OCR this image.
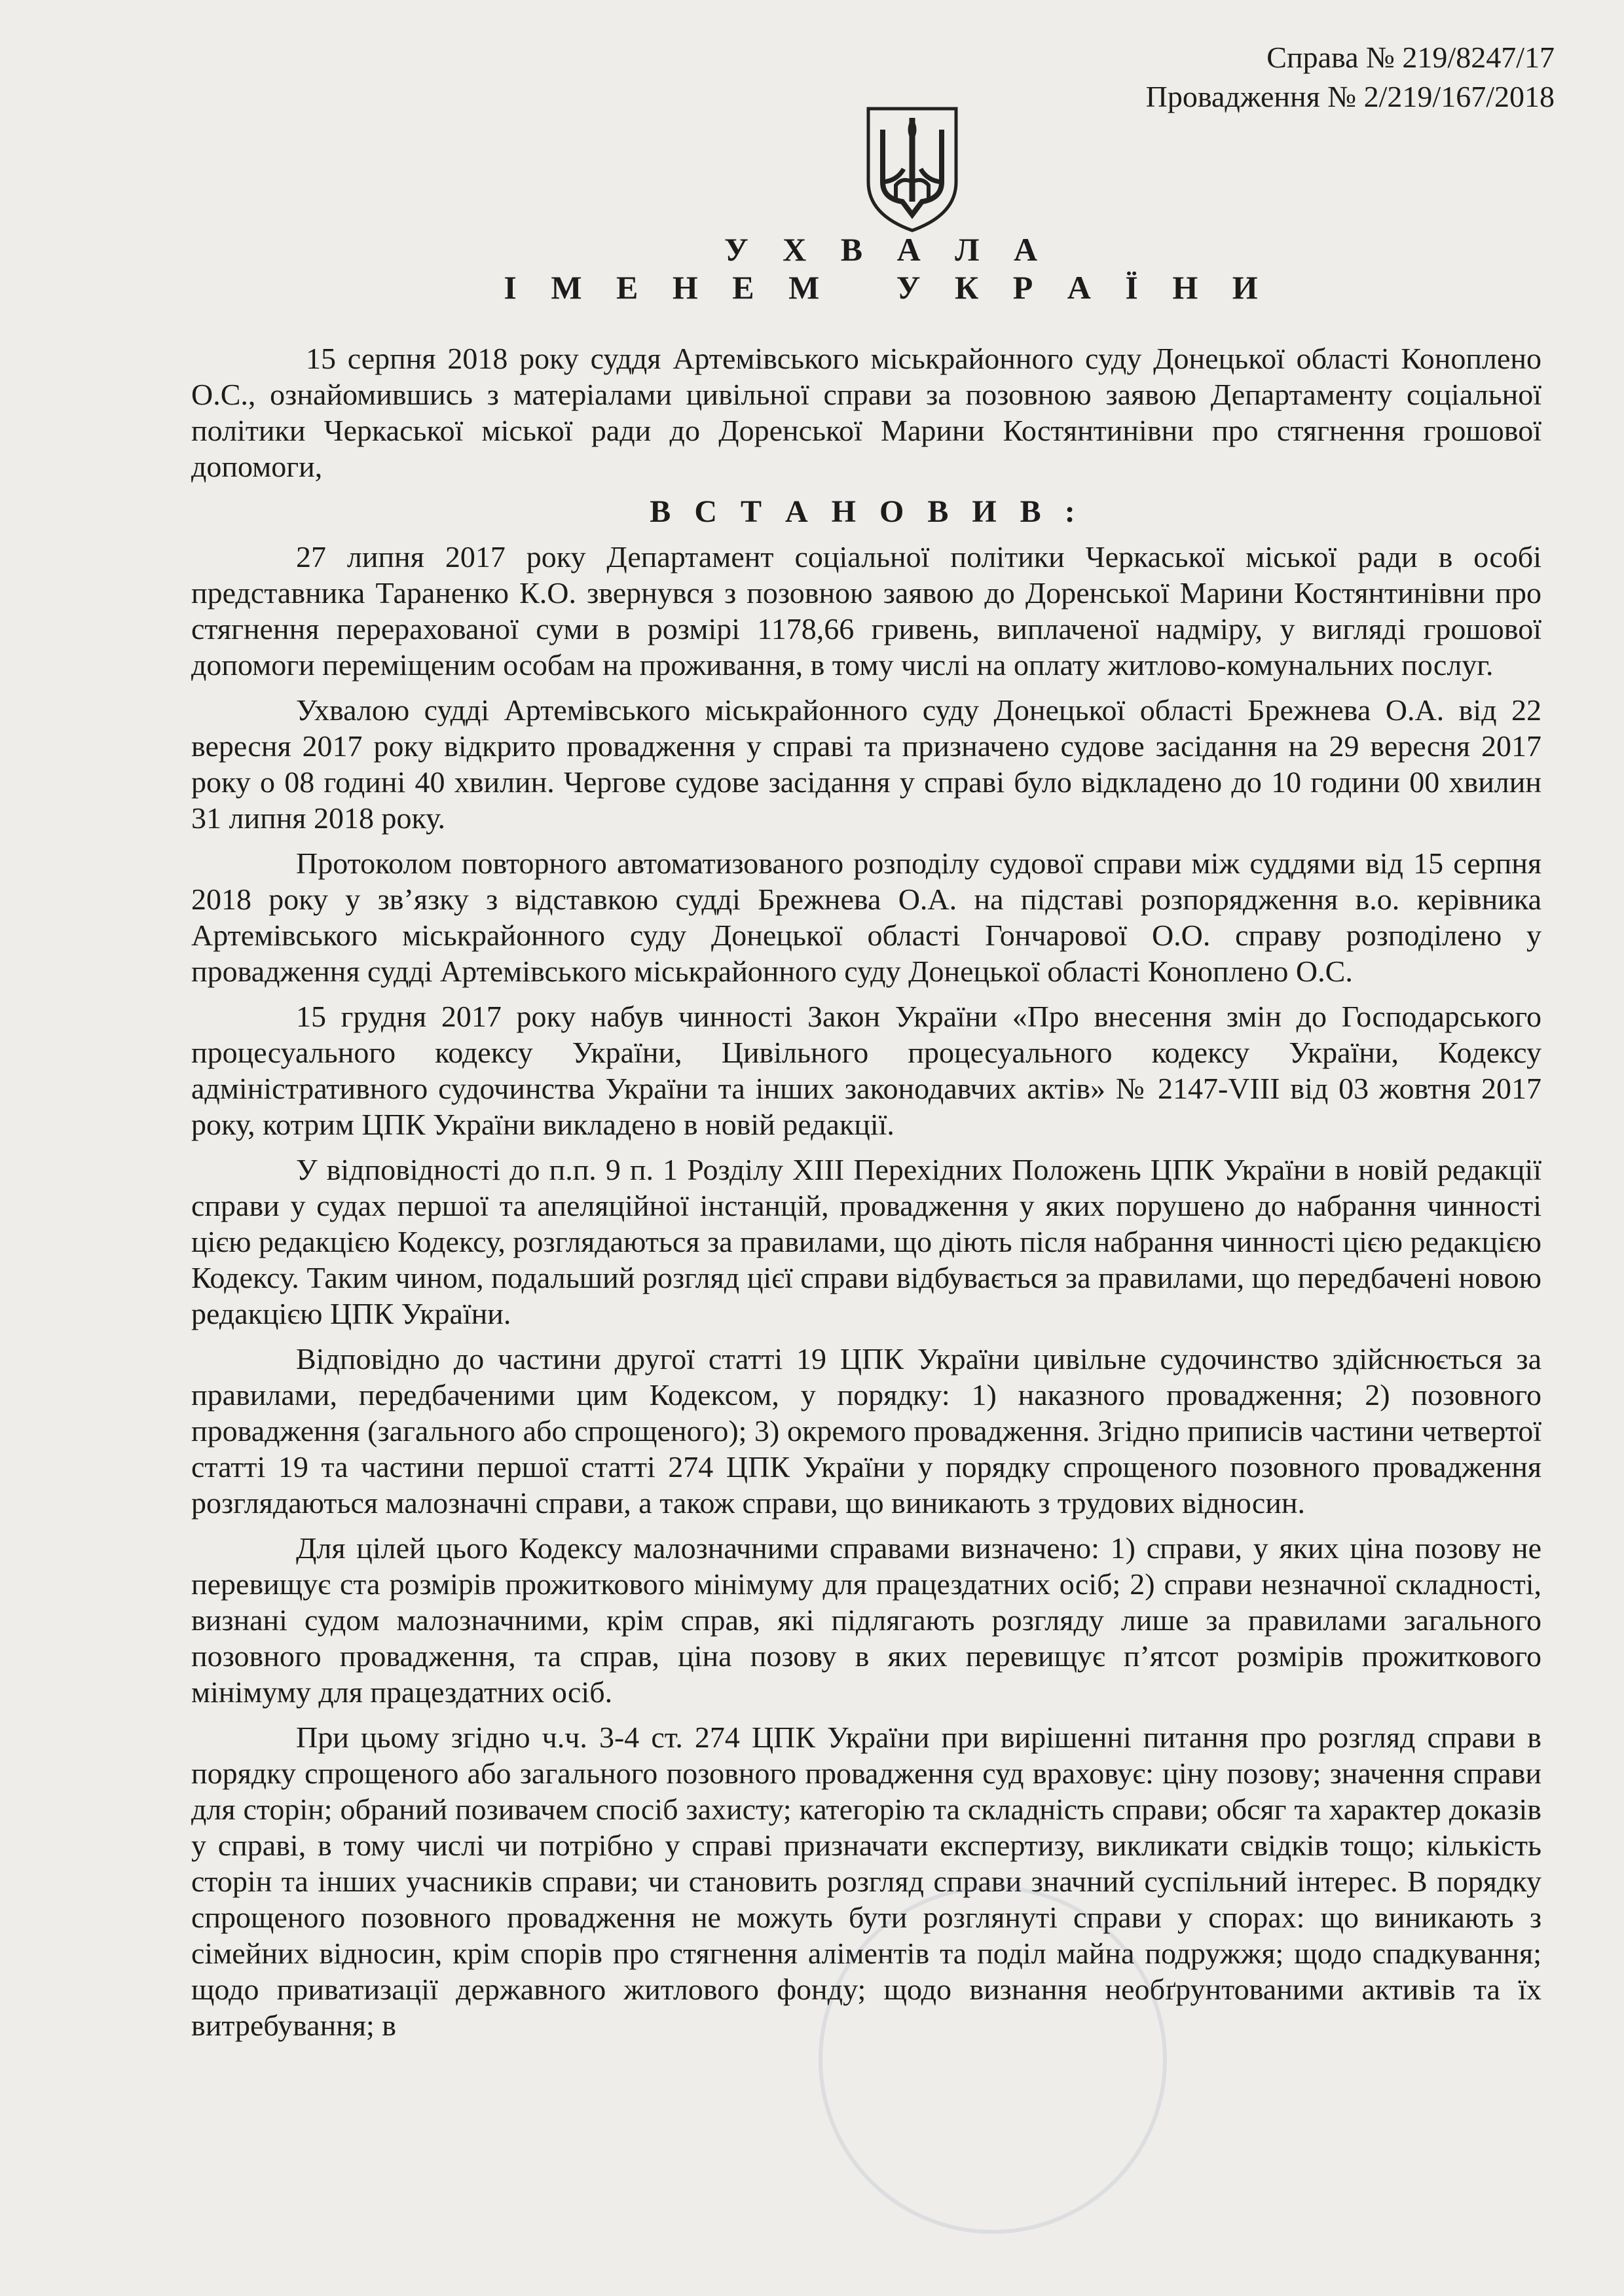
Справа № 219/8247/17
Провадження № 2/219/167/2018
У Х В А Л А
І М Е Н Е М   У К Р А Ї Н И

15 серпня 2018 року суддя Артемівського міськрайонного суду Донецької області Коноплено О.С., ознайомившись з матеріалами цивільної справи за позовною заявою Департаменту соціальної політики Черкаської міської ради до Доренської Марини Костянтинівни про стягнення грошової допомоги,

В С Т А Н О В И В :

27 липня 2017 року Департамент соціальної політики Черкаської міської ради в особі представника Тараненко К.О. звернувся з позовною заявою до Доренської Марини Костянтинівни про стягнення перерахованої суми в розмірі 1178,66 гривень, виплаченої надміру, у вигляді грошової допомоги переміщеним особам на проживання, в тому числі на оплату житлово-комунальних послуг.

Ухвалою судді Артемівського міськрайонного суду Донецької області Брежнева О.А. від 22 вересня 2017 року відкрито провадження у справі та призначено судове засідання на 29 вересня 2017 року о 08 годині 40 хвилин. Чергове судове засідання у справі було відкладено до 10 години 00 хвилин 31 липня 2018 року.

Протоколом повторного автоматизованого розподілу судової справи між суддями від 15 серпня 2018 року у зв’язку з відставкою судді Брежнева О.А. на підставі розпорядження в.о. керівника Артемівського міськрайонного суду Донецької області Гончарової О.О. справу розподілено у провадження судді Артемівського міськрайонного суду Донецької області Коноплено О.С.

15 грудня 2017 року набув чинності Закон України «Про внесення змін до Господарського процесуального кодексу України, Цивільного процесуального кодексу України, Кодексу адміністративного судочинства України та інших законодавчих актів» № 2147-VIII від 03 жовтня 2017 року, котрим ЦПК України викладено в новій редакції.

У відповідності до п.п. 9 п. 1 Розділу XIII Перехідних Положень ЦПК України в новій редакції справи у судах першої та апеляційної інстанцій, провадження у яких порушено до набрання чинності цією редакцією Кодексу, розглядаються за правилами, що діють після набрання чинності цією редакцією Кодексу. Таким чином, подальший розгляд цієї справи відбувається за правилами, що передбачені новою редакцією ЦПК України.

Відповідно до частини другої статті 19 ЦПК України цивільне судочинство здійснюється за правилами, передбаченими цим Кодексом, у порядку: 1) наказного провадження; 2) позовного провадження (загального або спрощеного); 3) окремого провадження. Згідно приписів частини четвертої статті 19 та частини першої статті 274 ЦПК України у порядку спрощеного позовного провадження розглядаються малозначні справи, а також справи, що виникають з трудових відносин.

Для цілей цього Кодексу малозначними справами визначено: 1) справи, у яких ціна позову не перевищує ста розмірів прожиткового мінімуму для працездатних осіб; 2) справи незначної складності, визнані судом малозначними, крім справ, які підлягають розгляду лише за правилами загального позовного провадження, та справ, ціна позову в яких перевищує п’ятсот розмірів прожиткового мінімуму для працездатних осіб.

При цьому згідно ч.ч. 3-4 ст. 274 ЦПК України при вирішенні питання про розгляд справи в порядку спрощеного або загального позовного провадження суд враховує: ціну позову; значення справи для сторін; обраний позивачем спосіб захисту; категорію та складність справи; обсяг та характер доказів у справі, в тому числі чи потрібно у справі призначати експертизу, викликати свідків тощо; кількість сторін та інших учасників справи; чи становить розгляд справи значний суспільний інтерес. В порядку спрощеного позовного провадження не можуть бути розглянуті справи у спорах: що виникають з сімейних відносин, крім спорів про стягнення аліментів та поділ майна подружжя; щодо спадкування; щодо приватизації державного житлового фонду; щодо визнання необґрунтованими активів та їх витребування; в
